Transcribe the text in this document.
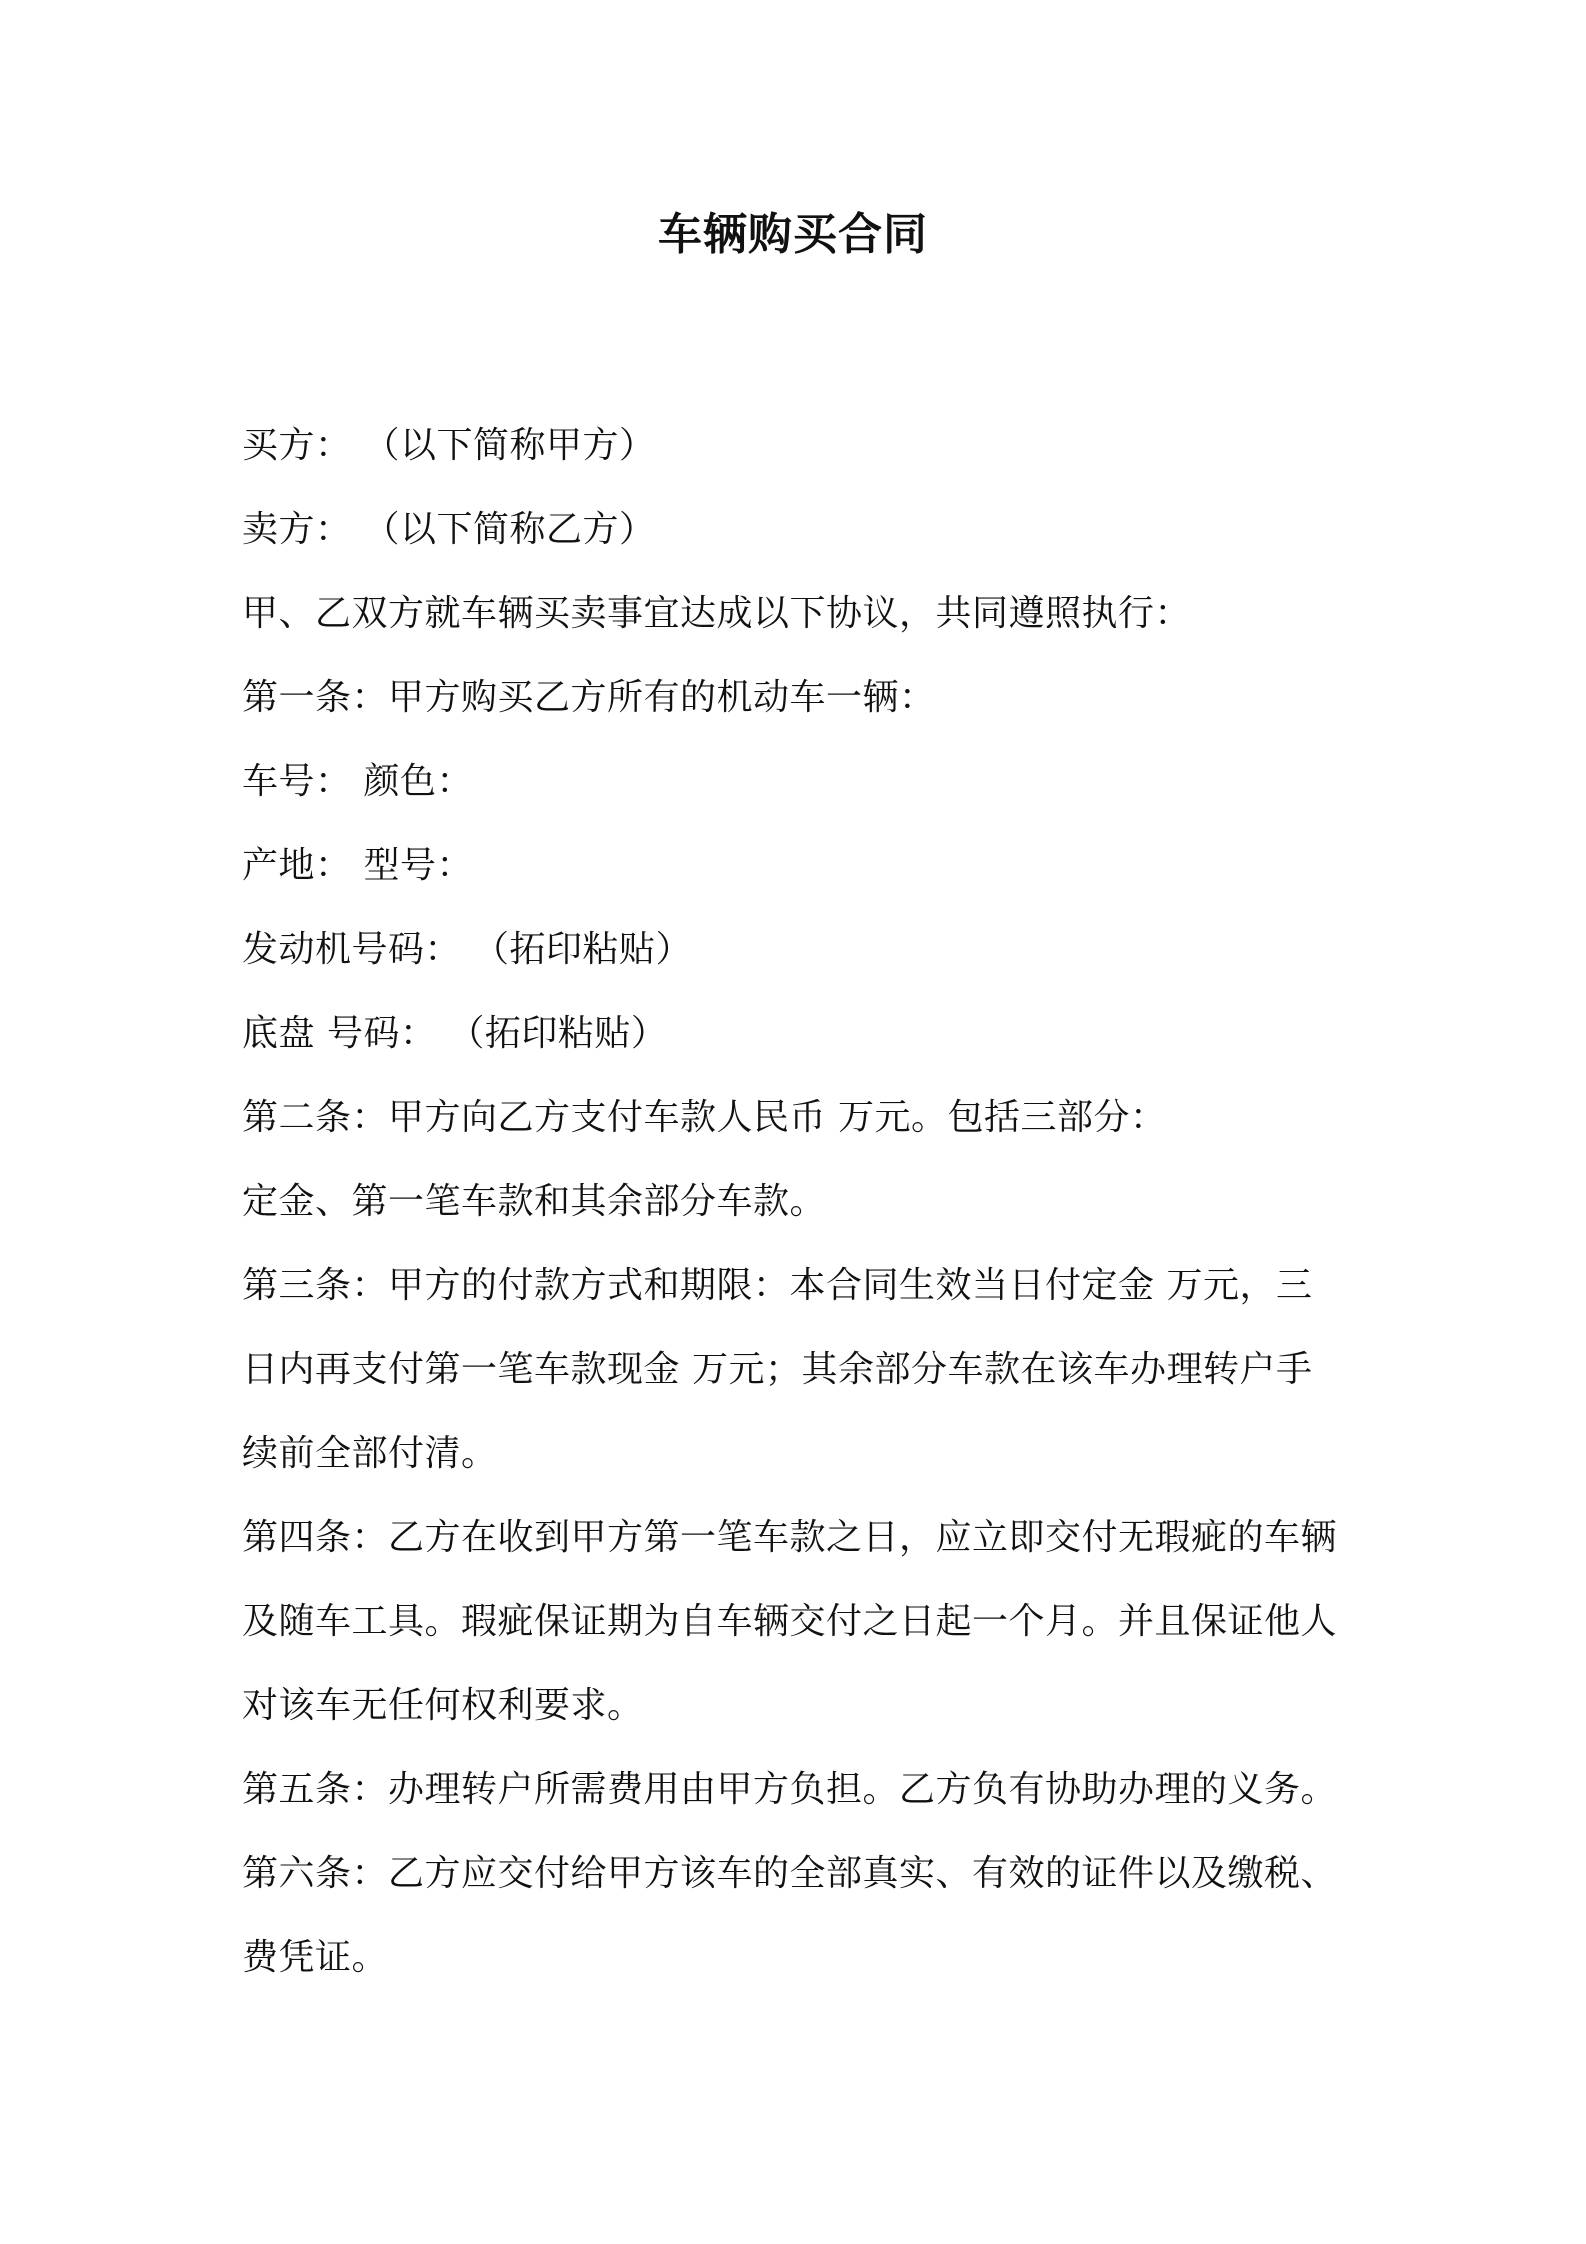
车辆购买合同
买方： （以下简称甲方）
卖方： （以下简称乙方）
甲、乙双方就车辆买卖事宜达成以下协议，共同遵照执行：
第一条：甲方购买乙方所有的机动车一辆：
车号： 颜色：
产地： 型号：
发动机号码： （拓印粘贴）
底盘 号码： （拓印粘贴）
第二条：甲方向乙方支付车款人民币 万元。包括三部分：
定金、第一笔车款和其余部分车款。
第三条：甲方的付款方式和期限：本合同生效当日付定金 万元，三
日内再支付第一笔车款现金 万元；其余部分车款在该车办理转户手
续前全部付清。
第四条：乙方在收到甲方第一笔车款之日，应立即交付无瑕疵的车辆
及随车工具。瑕疵保证期为自车辆交付之日起一个月。并且保证他人
对该车无任何权利要求。
第五条：办理转户所需费用由甲方负担。乙方负有协助办理的义务。
第六条：乙方应交付给甲方该车的全部真实、有效的证件以及缴税、
费凭证。
